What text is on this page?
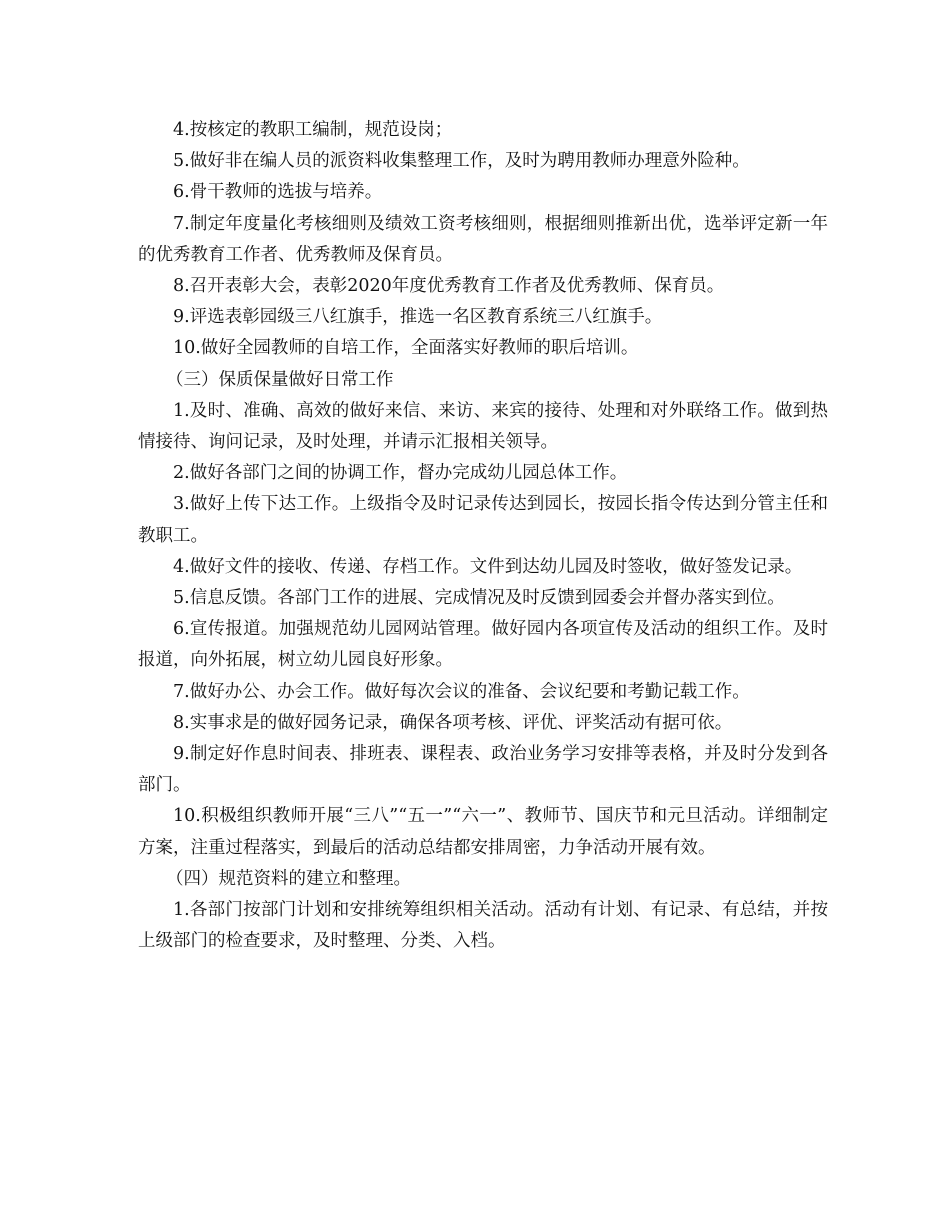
4.按核定的教职工编制，规范设岗；

5.做好非在编人员的派资料收集整理工作，及时为聘用教师办理意外险种。

6.骨干教师的选拔与培养。

7.制定年度量化考核细则及绩效工资考核细则，根据细则推新出优，选举评定新一年的优秀教育工作者、优秀教师及保育员。

8.召开表彰大会，表彰2020年度优秀教育工作者及优秀教师、保育员。

9.评选表彰园级三八红旗手，推选一名区教育系统三八红旗手。

10.做好全园教师的自培工作，全面落实好教师的职后培训。

（三）保质保量做好日常工作

1.及时、准确、高效的做好来信、来访、来宾的接待、处理和对外联络工作。做到热情接待、询问记录，及时处理，并请示汇报相关领导。

2.做好各部门之间的协调工作，督办完成幼儿园总体工作。

3.做好上传下达工作。上级指令及时记录传达到园长，按园长指令传达到分管主任和教职工。

4.做好文件的接收、传递、存档工作。文件到达幼儿园及时签收，做好签发记录。

5.信息反馈。各部门工作的进展、完成情况及时反馈到园委会并督办落实到位。

6.宣传报道。加强规范幼儿园网站管理。做好园内各项宣传及活动的组织工作。及时报道，向外拓展，树立幼儿园良好形象。

7.做好办公、办会工作。做好每次会议的准备、会议纪要和考勤记载工作。

8.实事求是的做好园务记录，确保各项考核、评优、评奖活动有据可依。

9.制定好作息时间表、排班表、课程表、政治业务学习安排等表格，并及时分发到各部门。

10.积极组织教师开展“三八”“五一”“六一”、教师节、国庆节和元旦活动。详细制定方案，注重过程落实，到最后的活动总结都安排周密，力争活动开展有效。

（四）规范资料的建立和整理。

1.各部门按部门计划和安排统筹组织相关活动。活动有计划、有记录、有总结，并按上级部门的检查要求，及时整理、分类、入档。
